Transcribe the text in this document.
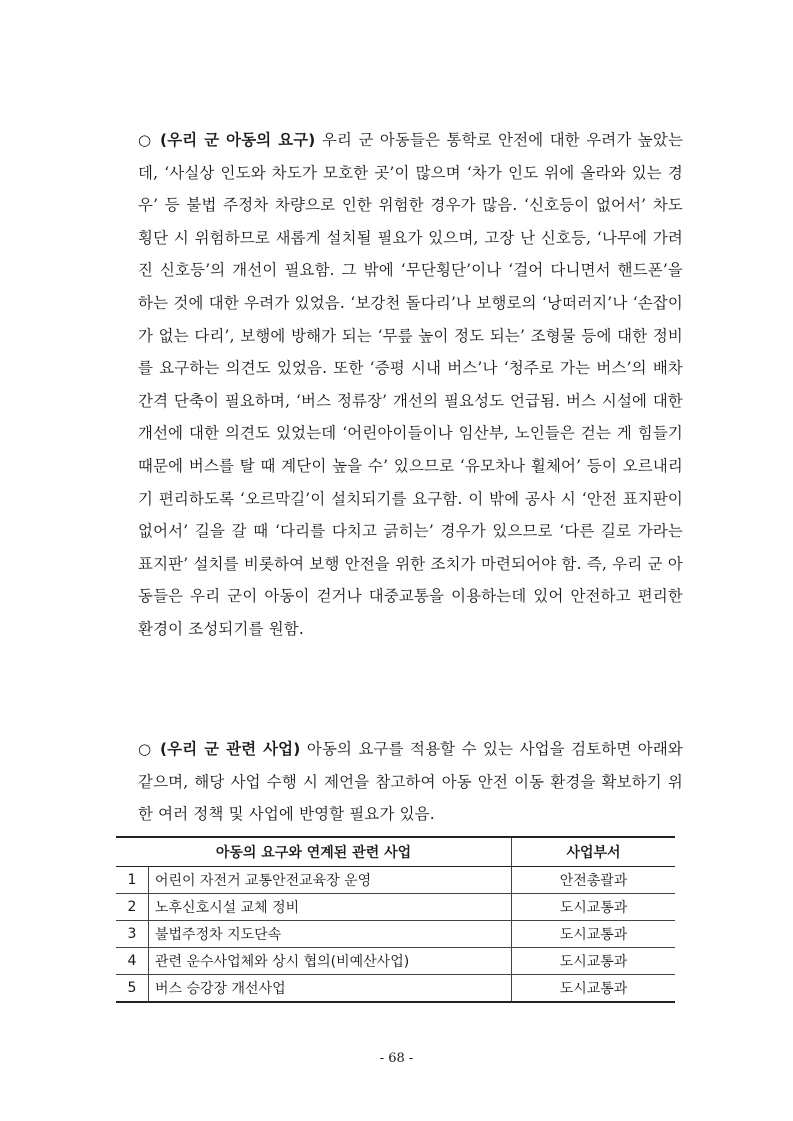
○ (우리 군 아동의 요구) 우리 군 아동들은 통학로 안전에 대한 우려가 높았는데, ‘사실상 인도와 차도가 모호한 곳’이 많으며 ‘차가 인도 위에 올라와 있는 경우’ 등 불법 주정차 차량으로 인한 위험한 경우가 많음. ‘신호등이 없어서’ 차도 횡단 시 위험하므로 새롭게 설치될 필요가 있으며, 고장 난 신호등, ‘나무에 가려진 신호등’의 개선이 필요함. 그 밖에 ‘무단횡단’이나 ‘걸어 다니면서 핸드폰’을 하는 것에 대한 우려가 있었음. ‘보강천 돌다리’나 보행로의 ‘낭떠러지’나 ‘손잡이가 없는 다리’, 보행에 방해가 되는 ‘무릎 높이 정도 되는’ 조형물 등에 대한 정비를 요구하는 의견도 있었음. 또한 ‘증평 시내 버스’나 ‘청주로 가는 버스’의 배차 간격 단축이 필요하며, ‘버스 정류장’ 개선의 필요성도 언급됨. 버스 시설에 대한 개선에 대한 의견도 있었는데 ‘어린아이들이나 임산부, 노인들은 걷는 게 힘들기 때문에 버스를 탈 때 계단이 높을 수’ 있으므로 ‘유모차나 휠체어’ 등이 오르내리기 편리하도록 ‘오르막길’이 설치되기를 요구함. 이 밖에 공사 시 ‘안전 표지판이 없어서’ 길을 갈 때 ‘다리를 다치고 긁히는’ 경우가 있으므로 ‘다른 길로 가라는 표지판’ 설치를 비롯하여 보행 안전을 위한 조치가 마련되어야 함. 즉, 우리 군 아동들은 우리 군이 아동이 걷거나 대중교통을 이용하는데 있어 안전하고 편리한 환경이 조성되기를 원함.

○ (우리 군 관련 사업) 아동의 요구를 적용할 수 있는 사업을 검토하면 아래와 같으며, 해당 사업 수행 시 제언을 참고하여 아동 안전 이동 환경을 확보하기 위한 여러 정책 및 사업에 반영할 필요가 있음.

아동의 요구와 연계된 관련 사업		사업부서
1	어린이 자전거 교통안전교육장 운영	안전총괄과
2	노후신호시설 교체 정비	도시교통과
3	불법주정차 지도단속	도시교통과
4	관련 운수사업체와 상시 협의(비예산사업)	도시교통과
5	버스 승강장 개선사업	도시교통과
- 68 -
